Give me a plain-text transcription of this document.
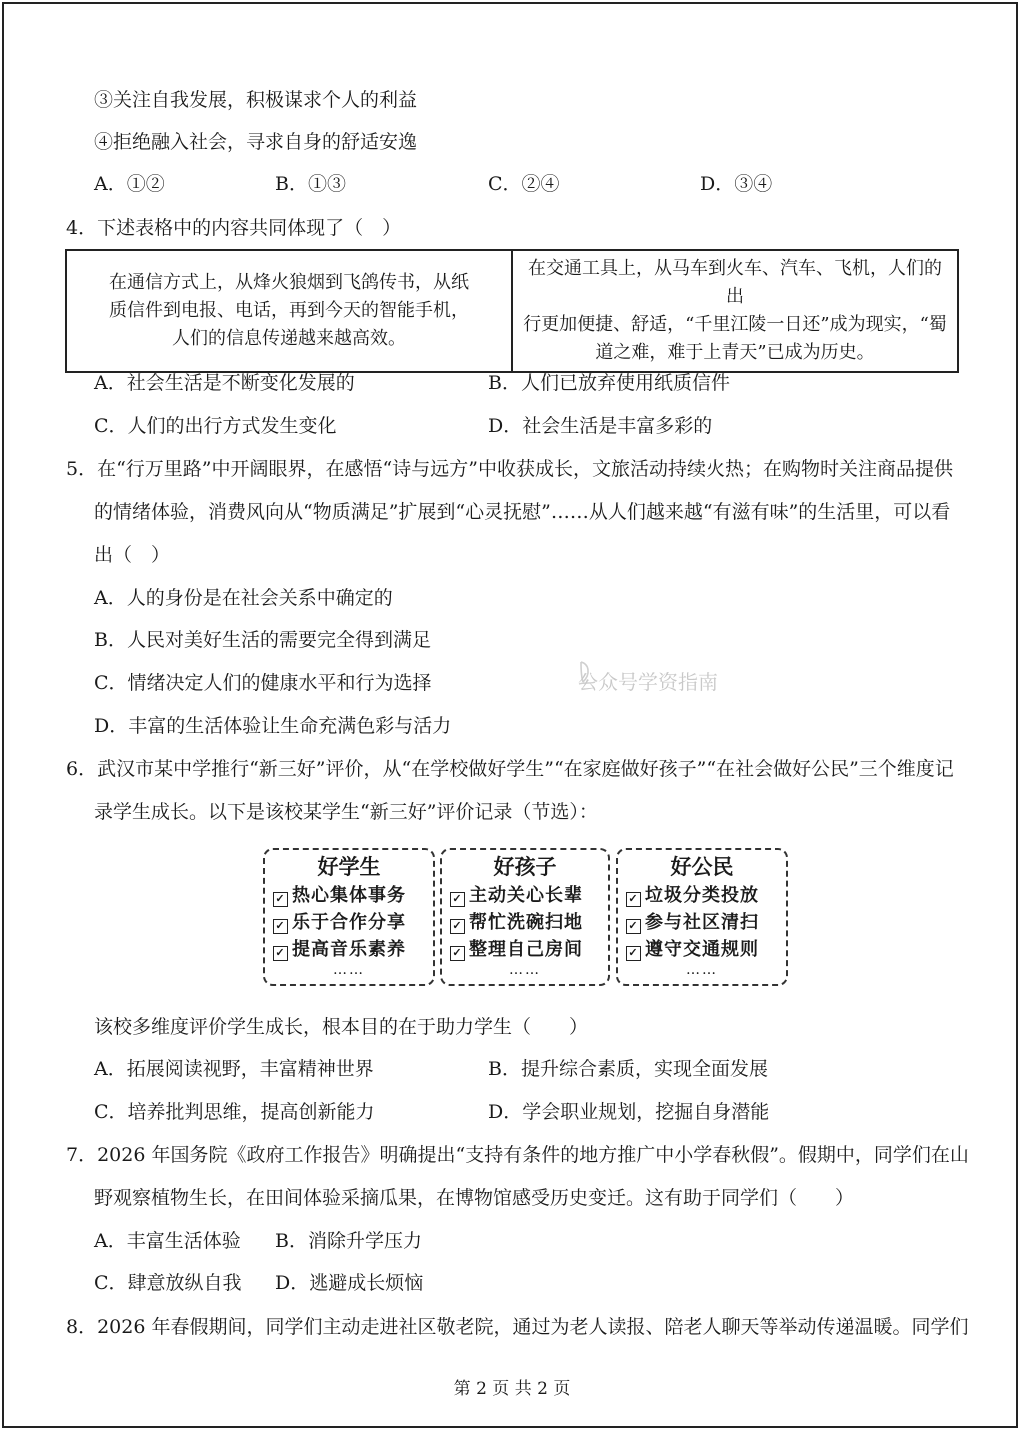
③关注自我发展，积极谋求个人的利益
④拒绝融入社会，寻求自身的舒适安逸
A．①②	B．①③	C．②④	D．③④
4．下述表格中的内容共同体现了（　）
在通信方式上，从烽火狼烟到飞鸽传书，从纸
质信件到电报、电话，再到今天的智能手机，
人们的信息传递越来越高效。

在交通工具上，从马车到火车、汽车、飞机，人们的出
行更加便捷、舒适，“千里江陵一日还”成为现实，“蜀
道之难，难于上青天”已成为历史。
A．社会生活是不断变化发展的	B．人们已放弃使用纸质信件
C．人们的出行方式发生变化	D．社会生活是丰富多彩的
5．在“行万里路”中开阔眼界，在感悟“诗与远方”中收获成长，文旅活动持续火热；在购物时关注商品提供
的情绪体验，消费风向从“物质满足”扩展到“心灵抚慰”……从人们越来越“有滋有味”的生活里，可以看
出（　）
A．人的身份是在社会关系中确定的
B．人民对美好生活的需要完全得到满足
C．情绪决定人们的健康水平和行为选择
D．丰富的生活体验让生命充满色彩与活力
公众号学资指南
6．武汉市某中学推行“新三好”评价，从“在学校做好学生”“在家庭做好孩子”“在社会做好公民”三个维度记
录学生成长。以下是该校某学生“新三好”评价记录（节选）：
好学生
✓ 热心集体事务
✓ 乐于合作分享
✓ 提高音乐素养
……
好孩子
✓ 主动关心长辈
✓ 帮忙洗碗扫地
✓ 整理自己房间
……
好公民
✓ 垃圾分类投放
✓ 参与社区清扫
✓ 遵守交通规则
……
该校多维度评价学生成长，根本目的在于助力学生（　　）
A．拓展阅读视野，丰富精神世界	B．提升综合素质，实现全面发展
C．培养批判思维，提高创新能力	D．学会职业规划，挖掘自身潜能
7．2026 年国务院《政府工作报告》明确提出“支持有条件的地方推广中小学春秋假”。假期中，同学们在山
野观察植物生长，在田间体验采摘瓜果，在博物馆感受历史变迁。这有助于同学们（　　）
A．丰富生活体验 B．消除升学压力
C．肆意放纵自我 D．逃避成长烦恼
8．2026 年春假期间，同学们主动走进社区敬老院，通过为老人读报、陪老人聊天等举动传递温暖。同学们
第 2 页 共 2 页
